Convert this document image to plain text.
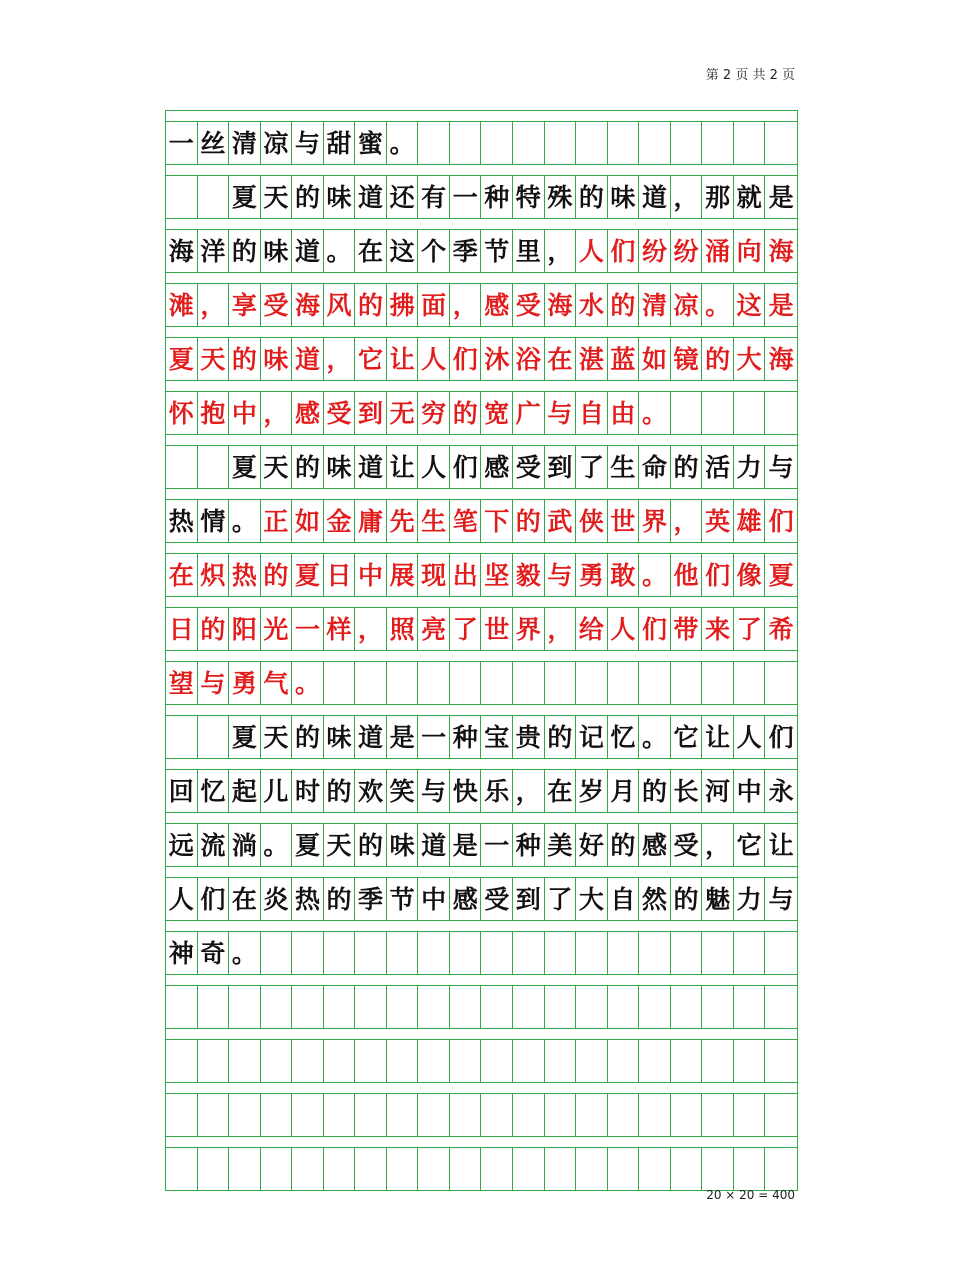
第 2 页 共 2 页
一 丝 清 凉 与 甜 蜜 。
夏 天 的 味 道 还 有 一 种 特 殊 的 味 道 ， 那 就 是
海 洋 的 味 道 。 在 这 个 季 节 里 ， 人 们 纷 纷 涌 向 海
滩 ， 享 受 海 风 的 拂 面 ， 感 受 海 水 的 清 凉 。 这 是
夏 天 的 味 道 ， 它 让 人 们 沐 浴 在 湛 蓝 如 镜 的 大 海
怀 抱 中 ， 感 受 到 无 穷 的 宽 广 与 自 由 。
夏 天 的 味 道 让 人 们 感 受 到 了 生 命 的 活 力 与
热 情 。 正 如 金 庸 先 生 笔 下 的 武 侠 世 界 ， 英 雄 们
在 炽 热 的 夏 日 中 展 现 出 坚 毅 与 勇 敢 。 他 们 像 夏
日 的 阳 光 一 样 ， 照 亮 了 世 界 ， 给 人 们 带 来 了 希
望 与 勇 气 。
夏 天 的 味 道 是 一 种 宝 贵 的 记 忆 。 它 让 人 们
回 忆 起 儿 时 的 欢 笑 与 快 乐 ， 在 岁 月 的 长 河 中 永
远 流 淌 。 夏 天 的 味 道 是 一 种 美 好 的 感 受 ， 它 让
人 们 在 炎 热 的 季 节 中 感 受 到 了 大 自 然 的 魅 力 与
神 奇 。
20 × 20 = 400
